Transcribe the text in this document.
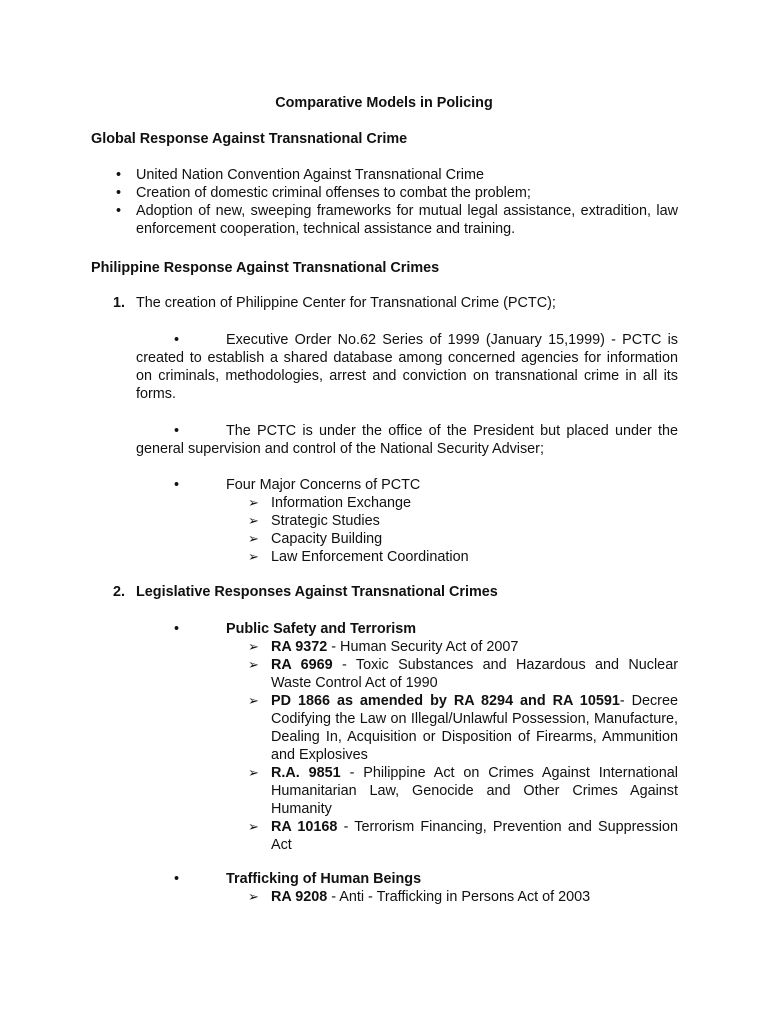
Comparative Models in Policing
Global Response Against Transnational Crime
• United Nation Convention Against Transnational Crime
• Creation of domestic criminal offenses to combat the problem;
• Adoption of new, sweeping frameworks for mutual legal assistance, extradition, law enforcement cooperation, technical assistance and training.
Philippine Response Against Transnational Crimes
1. The creation of Philippine Center for Transnational Crime (PCTC);
•	Executive Order No.62 Series of 1999 (January 15,1999) - PCTC is created to establish a shared database among concerned agencies for information on criminals, methodologies, arrest and conviction on transnational crime in all its forms.
•	The PCTC is under the office of the President but placed under the general supervision and control of the National Security Adviser;
•	Four Major Concerns of PCTC
➢ Information Exchange
➢ Strategic Studies
➢ Capacity Building
➢ Law Enforcement Coordination
2. Legislative Responses Against Transnational Crimes
•	Public Safety and Terrorism
➢ RA 9372 - Human Security Act of 2007
➢ RA 6969 - Toxic Substances and Hazardous and Nuclear Waste Control Act of 1990
➢ PD 1866 as amended by RA 8294 and RA 10591- Decree Codifying the Law on Illegal/Unlawful Possession, Manufacture, Dealing In, Acquisition or Disposition of Firearms, Ammunition and Explosives
➢ R.A. 9851 - Philippine Act on Crimes Against International Humanitarian Law, Genocide and Other Crimes Against Humanity
➢ RA 10168 - Terrorism Financing, Prevention and Suppression Act
•	Trafficking of Human Beings
➢ RA 9208 - Anti - Trafficking in Persons Act of 2003
